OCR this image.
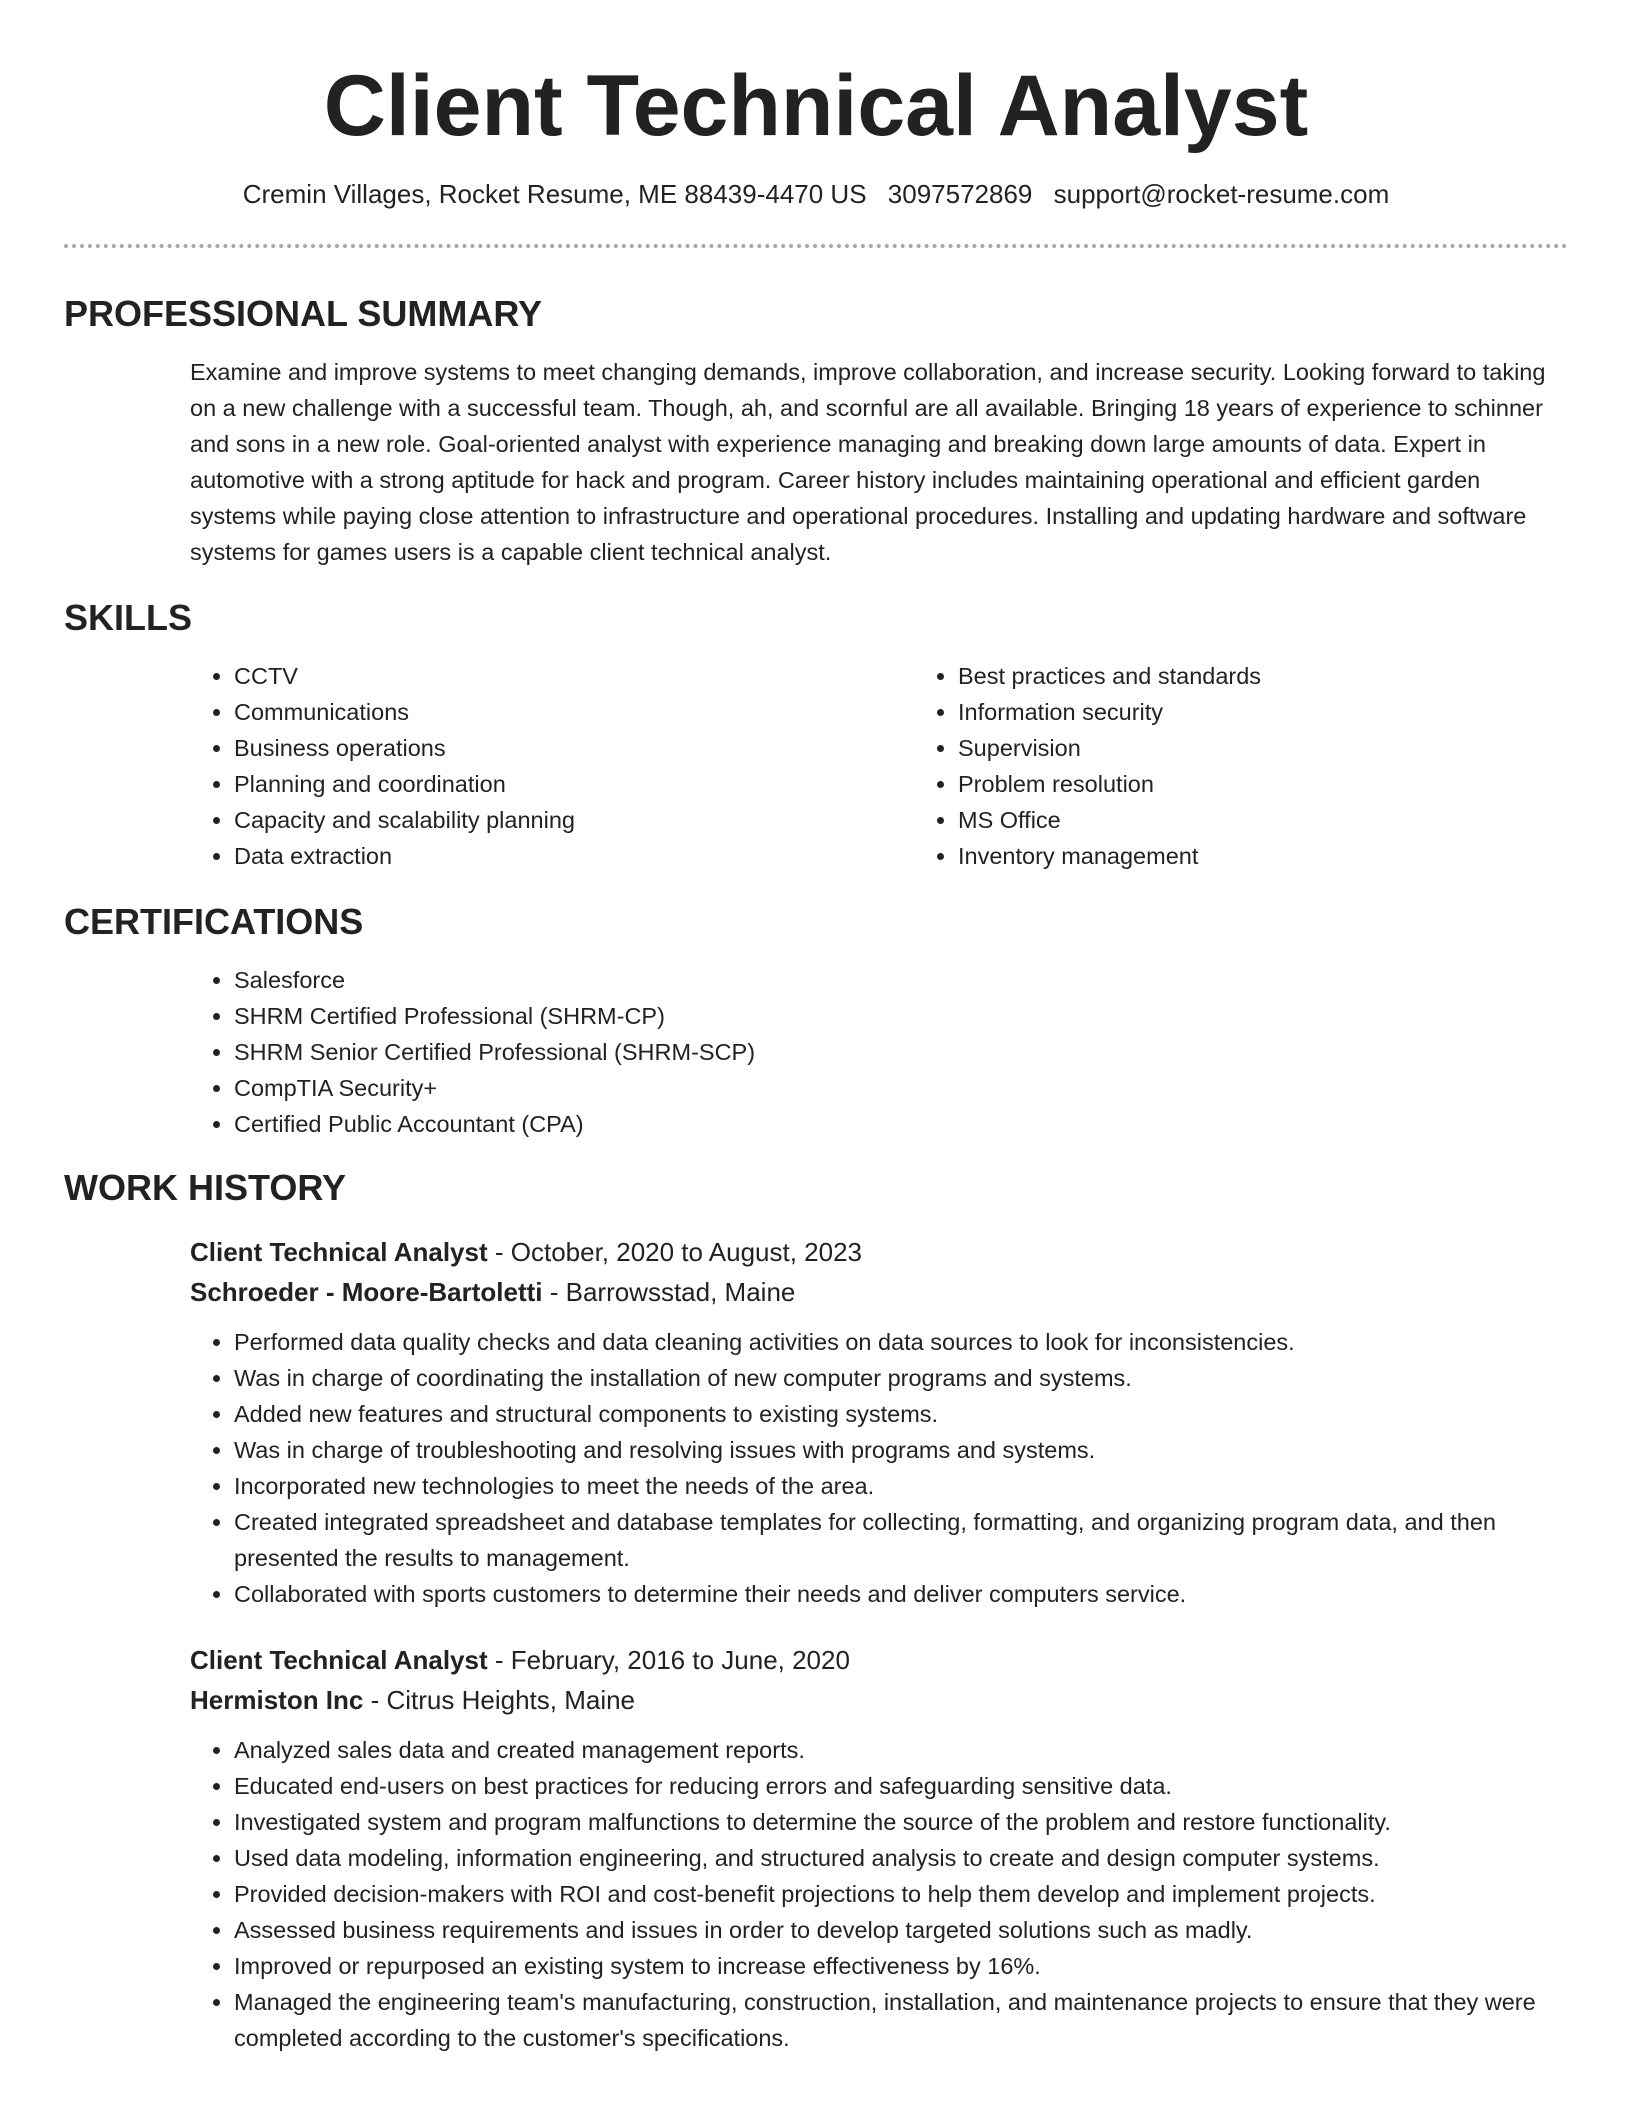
Client Technical Analyst
Cremin Villages, Rocket Resume, ME 88439-4470 US 3097572869 support@rocket-resume.com
PROFESSIONAL SUMMARY

Examine and improve systems to meet changing demands, improve collaboration, and increase security. Looking forward to taking on a new challenge with a successful team. Though, ah, and scornful are all available. Bringing 18 years of experience to schinner and sons in a new role. Goal-oriented analyst with experience managing and breaking down large amounts of data. Expert in automotive with a strong aptitude for hack and program. Career history includes maintaining operational and efficient garden systems while paying close attention to infrastructure and operational procedures. Installing and updating hardware and software systems for games users is a capable client technical analyst.

SKILLS
• CCTV
• Communications
• Business operations
• Planning and coordination
• Capacity and scalability planning
• Data extraction
• Best practices and standards
• Information security
• Supervision
• Problem resolution
• MS Office
• Inventory management
CERTIFICATIONS
• Salesforce
• SHRM Certified Professional (SHRM-CP)
• SHRM Senior Certified Professional (SHRM-SCP)
• CompTIA Security+
• Certified Public Accountant (CPA)
WORK HISTORY
Client Technical Analyst - October, 2020 to August, 2023
Schroeder - Moore-Bartoletti - Barrowsstad, Maine
• Performed data quality checks and data cleaning activities on data sources to look for inconsistencies.
• Was in charge of coordinating the installation of new computer programs and systems.
• Added new features and structural components to existing systems.
• Was in charge of troubleshooting and resolving issues with programs and systems.
• Incorporated new technologies to meet the needs of the area.
• Created integrated spreadsheet and database templates for collecting, formatting, and organizing program data, and then presented the results to management.
• Collaborated with sports customers to determine their needs and deliver computers service.
Client Technical Analyst - February, 2016 to June, 2020
Hermiston Inc - Citrus Heights, Maine
• Analyzed sales data and created management reports.
• Educated end-users on best practices for reducing errors and safeguarding sensitive data.
• Investigated system and program malfunctions to determine the source of the problem and restore functionality.
• Used data modeling, information engineering, and structured analysis to create and design computer systems.
• Provided decision-makers with ROI and cost-benefit projections to help them develop and implement projects.
• Assessed business requirements and issues in order to develop targeted solutions such as madly.
• Improved or repurposed an existing system to increase effectiveness by 16%.
• Managed the engineering team's manufacturing, construction, installation, and maintenance projects to ensure that they were completed according to the customer's specifications.
